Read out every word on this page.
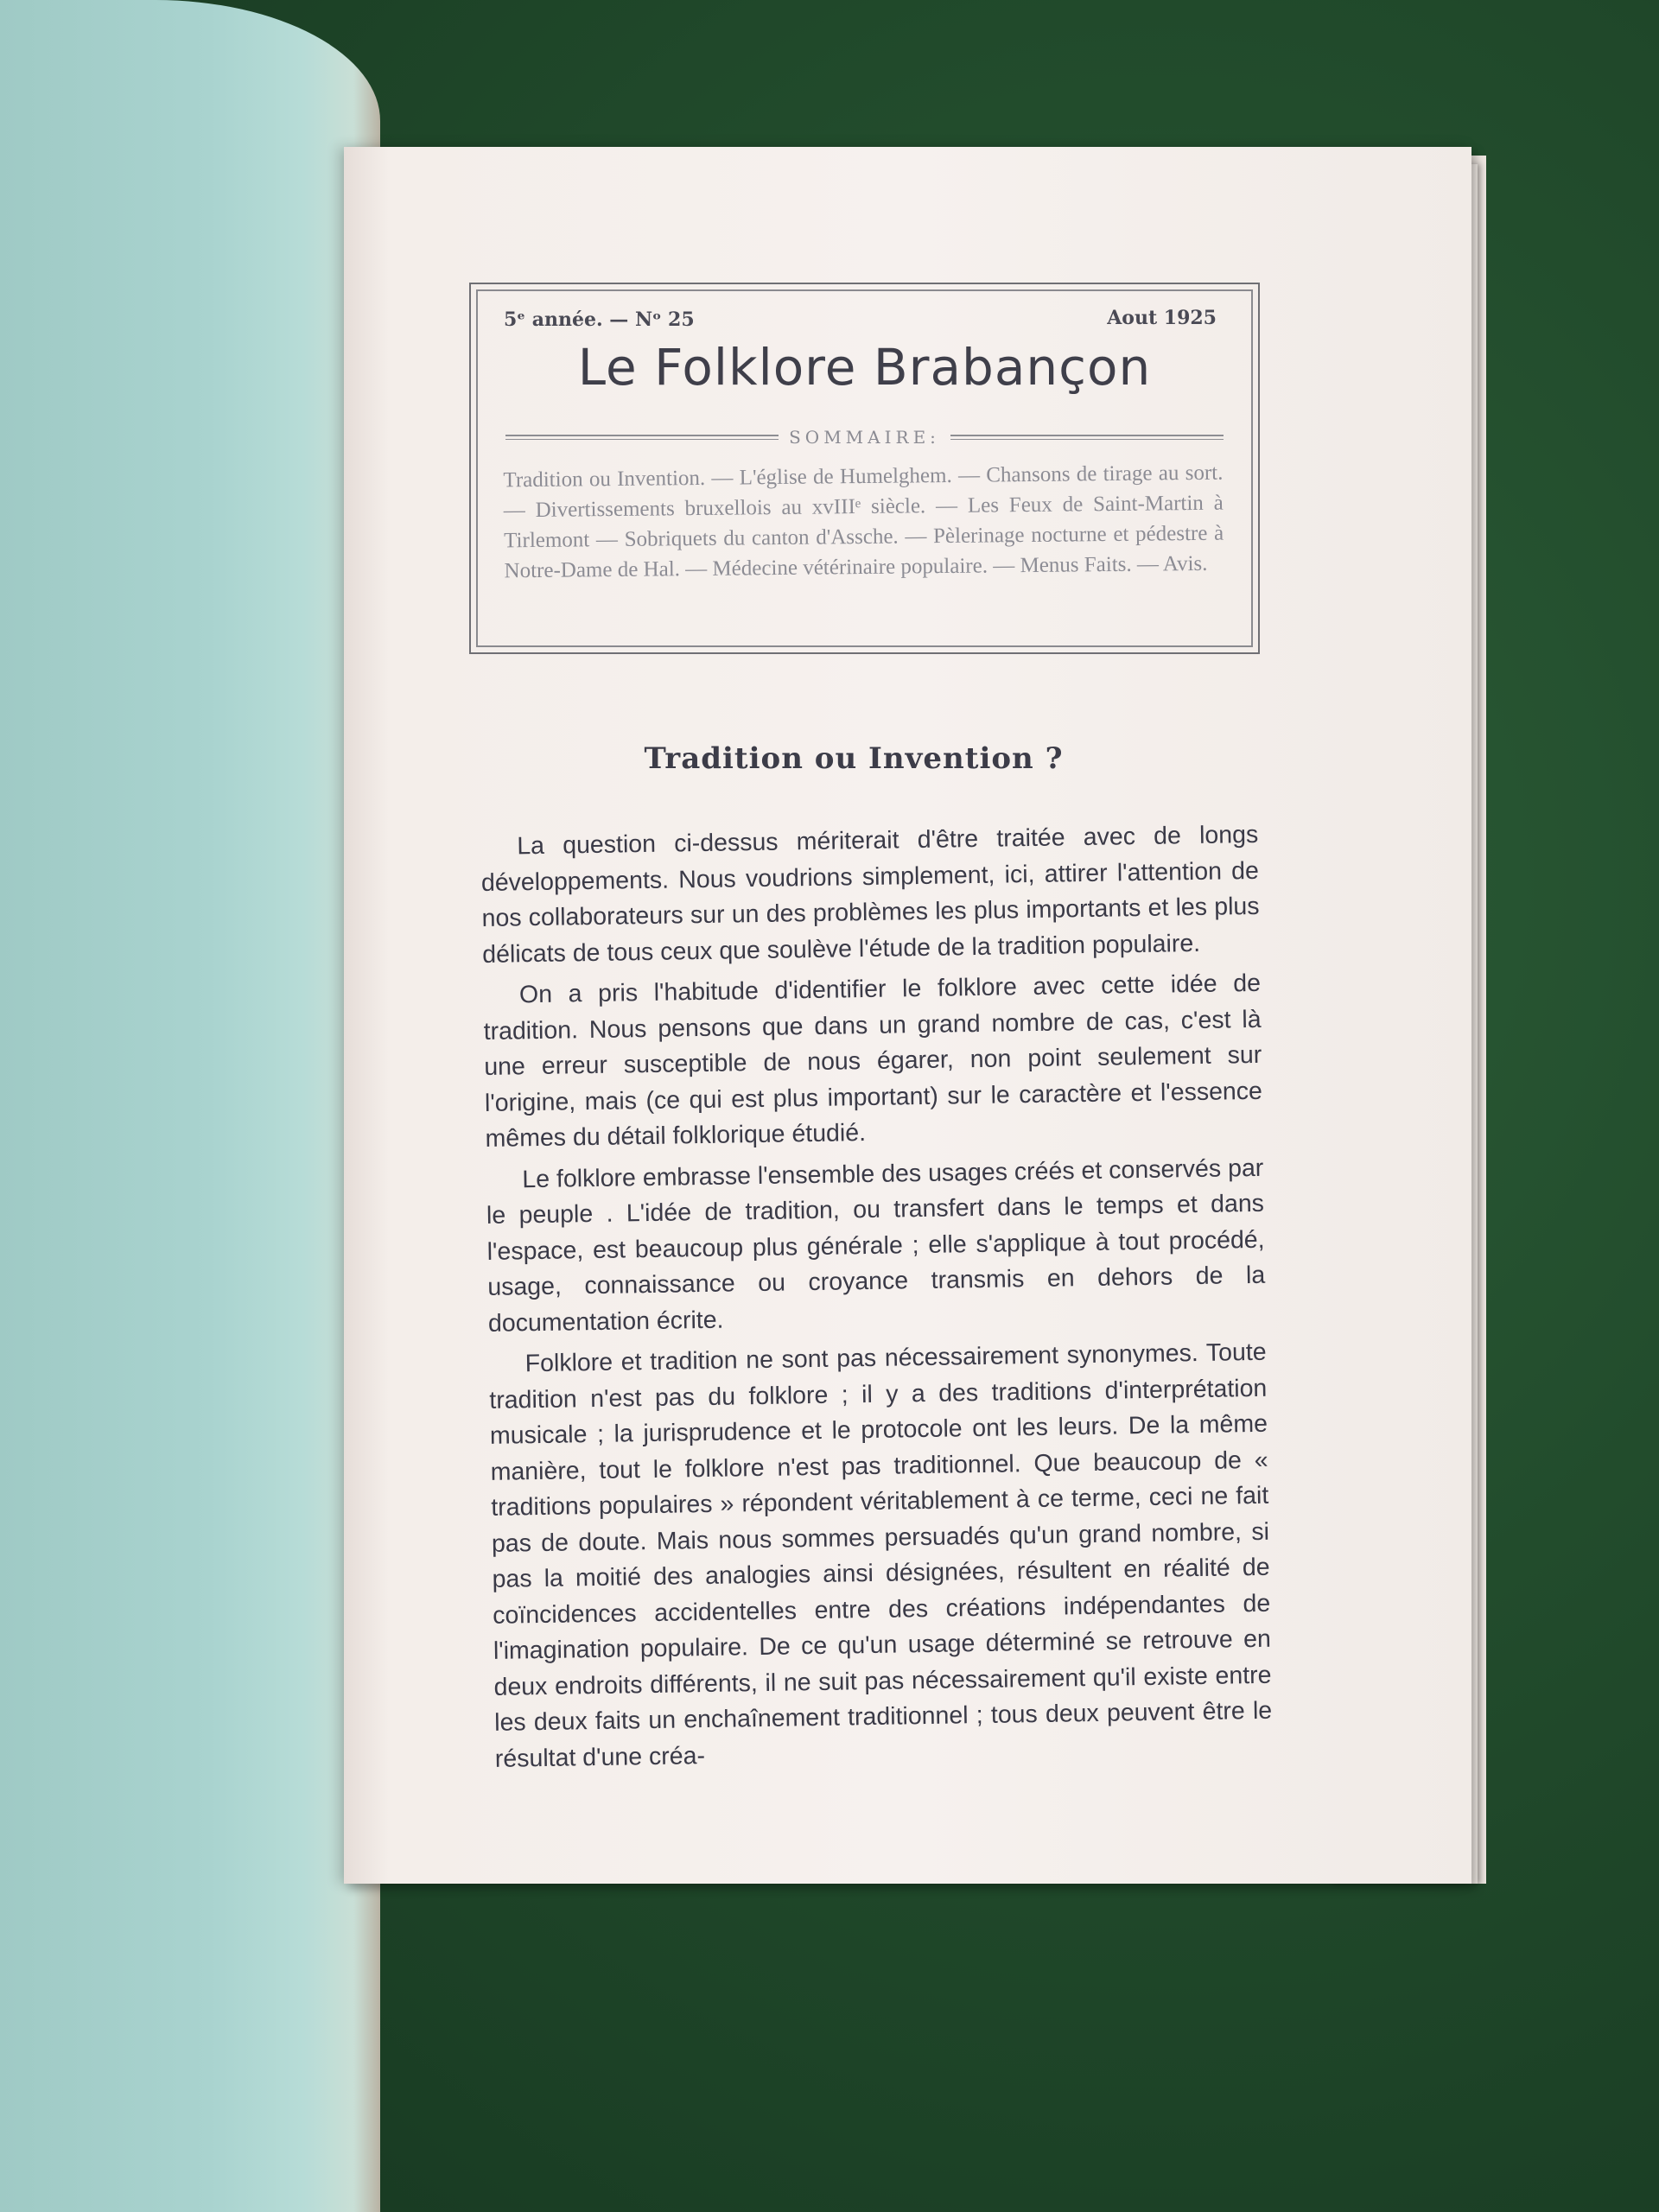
5ᵉ année. — Nᵒ 25	Aout 1925
Le Folklore Brabançon
SOMMAIRE:
Tradition ou Invention. — L'église de Humelghem. — Chansons de tirage au sort. — Divertissements bruxellois au xvIIIᵉ siècle. — Les Feux de Saint-Martin à Tirlemont — Sobriquets du canton d'Assche. — Pèlerinage nocturne et pédestre à Notre-Dame de Hal. — Médecine vétérinaire populaire. — Menus Faits. — Avis.
Tradition ou Invention ?

La question ci-dessus mériterait d'être traitée avec de longs développements. Nous voudrions simplement, ici, attirer l'attention de nos collaborateurs sur un des problèmes les plus importants et les plus délicats de tous ceux que soulève l'étude de la tradition populaire.

On a pris l'habitude d'identifier le folklore avec cette idée de tradition. Nous pensons que dans un grand nombre de cas, c'est là une erreur susceptible de nous égarer, non point seulement sur l'origine, mais (ce qui est plus important) sur le caractère et l'essence mêmes du détail folklorique étudié.

Le folklore embrasse l'ensemble des usages créés et conservés par le peuple . L'idée de tradition, ou transfert dans le temps et dans l'espace, est beaucoup plus générale ; elle s'applique à tout procédé, usage, connaissance ou croyance transmis en dehors de la documentation écrite.

Folklore et tradition ne sont pas nécessairement synonymes. Toute tradition n'est pas du folklore ; il y a des traditions d'interprétation musicale ; la jurisprudence et le protocole ont les leurs. De la même manière, tout le folklore n'est pas traditionnel. Que beaucoup de « traditions populaires » répondent véritablement à ce terme, ceci ne fait pas de doute. Mais nous sommes persuadés qu'un grand nombre, si pas la moitié des analogies ainsi désignées, résultent en réalité de coïncidences accidentelles entre des créations indépendantes de l'imagination populaire. De ce qu'un usage déterminé se retrouve en deux endroits différents, il ne suit pas nécessairement qu'il existe entre les deux faits un enchaînement traditionnel ; tous deux peuvent être le résultat d'une créa-
